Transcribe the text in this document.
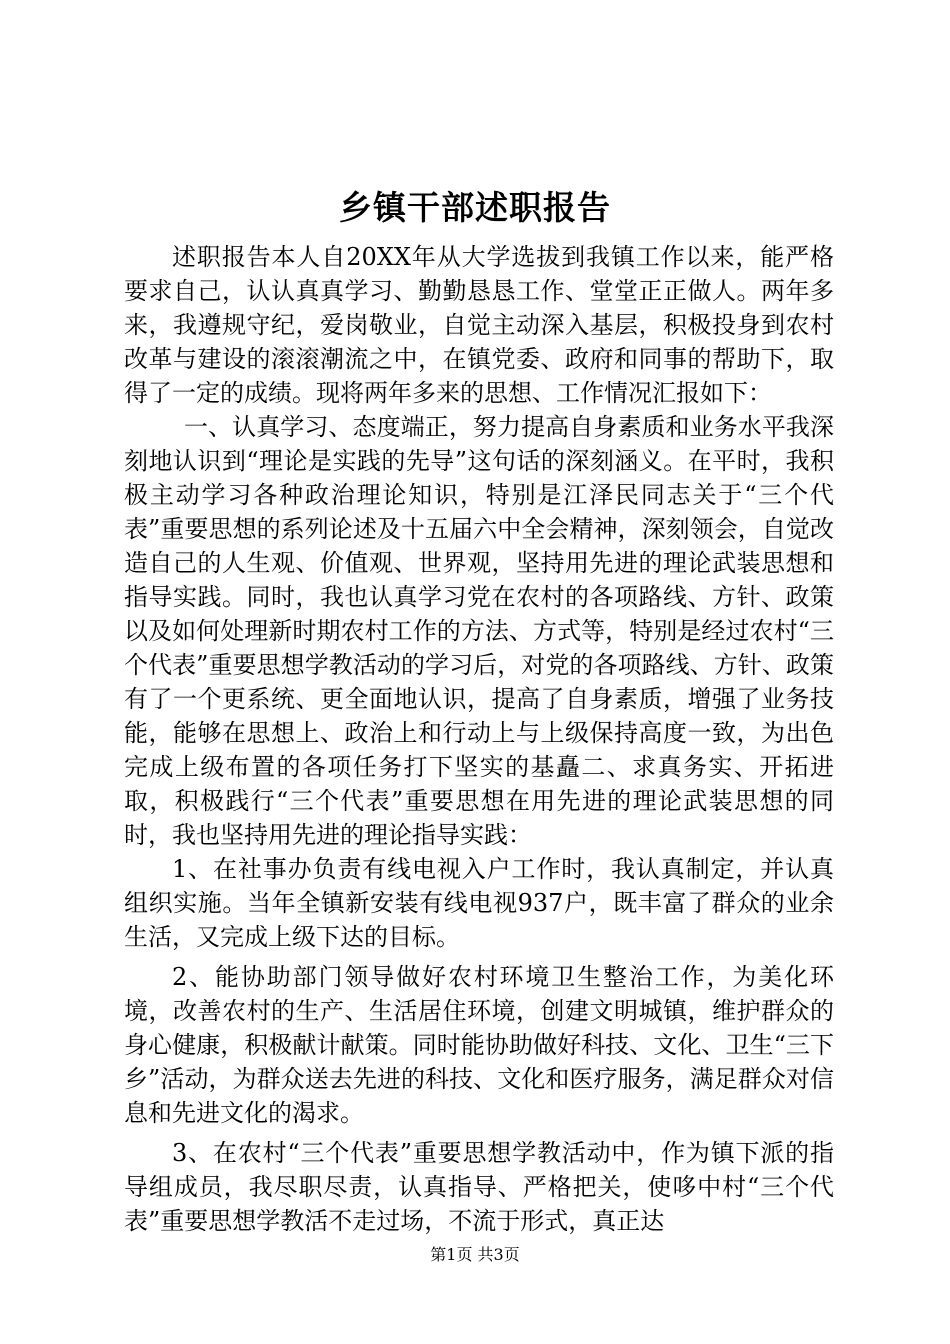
乡镇干部述职报告

述职报告本人自20XX年从大学选拔到我镇工作以来，能严格要求自己，认认真真学习、勤勤恳恳工作、堂堂正正做人。两年多来，我遵规守纪，爱岗敬业，自觉主动深入基层，积极投身到农村改革与建设的滚滚潮流之中，在镇党委、政府和同事的帮助下，取得了一定的成绩。现将两年多来的思想、工作情况汇报如下：

一、认真学习、态度端正，努力提高自身素质和业务水平我深刻地认识到“理论是实践的先导”这句话的深刻涵义。在平时，我积极主动学习各种政治理论知识，特别是江泽民同志关于“三个代表”重要思想的系列论述及十五届六中全会精神，深刻领会，自觉改造自己的人生观、价值观、世界观，坚持用先进的理论武装思想和指导实践。同时，我也认真学习党在农村的各项路线、方针、政策以及如何处理新时期农村工作的方法、方式等，特别是经过农村“三个代表”重要思想学教活动的学习后，对党的各项路线、方针、政策有了一个更系统、更全面地认识，提高了自身素质，增强了业务技能，能够在思想上、政治上和行动上与上级保持高度一致，为出色完成上级布置的各项任务打下坚实的基矗二、求真务实、开拓进取，积极践行“三个代表”重要思想在用先进的理论武装思想的同时，我也坚持用先进的理论指导实践：

1、在社事办负责有线电视入户工作时，我认真制定，并认真组织实施。当年全镇新安装有线电视937户，既丰富了群众的业余生活，又完成上级下达的目标。

2、能协助部门领导做好农村环境卫生整治工作，为美化环境，改善农村的生产、生活居住环境，创建文明城镇，维护群众的身心健康，积极献计献策。同时能协助做好科技、文化、卫生“三下乡”活动，为群众送去先进的科技、文化和医疗服务，满足群众对信息和先进文化的渴求。

3、在农村“三个代表”重要思想学教活动中，作为镇下派的指导组成员，我尽职尽责，认真指导、严格把关，使哆中村“三个代表”重要思想学教活不走过场，不流于形式，真正达

第1页 共3页
